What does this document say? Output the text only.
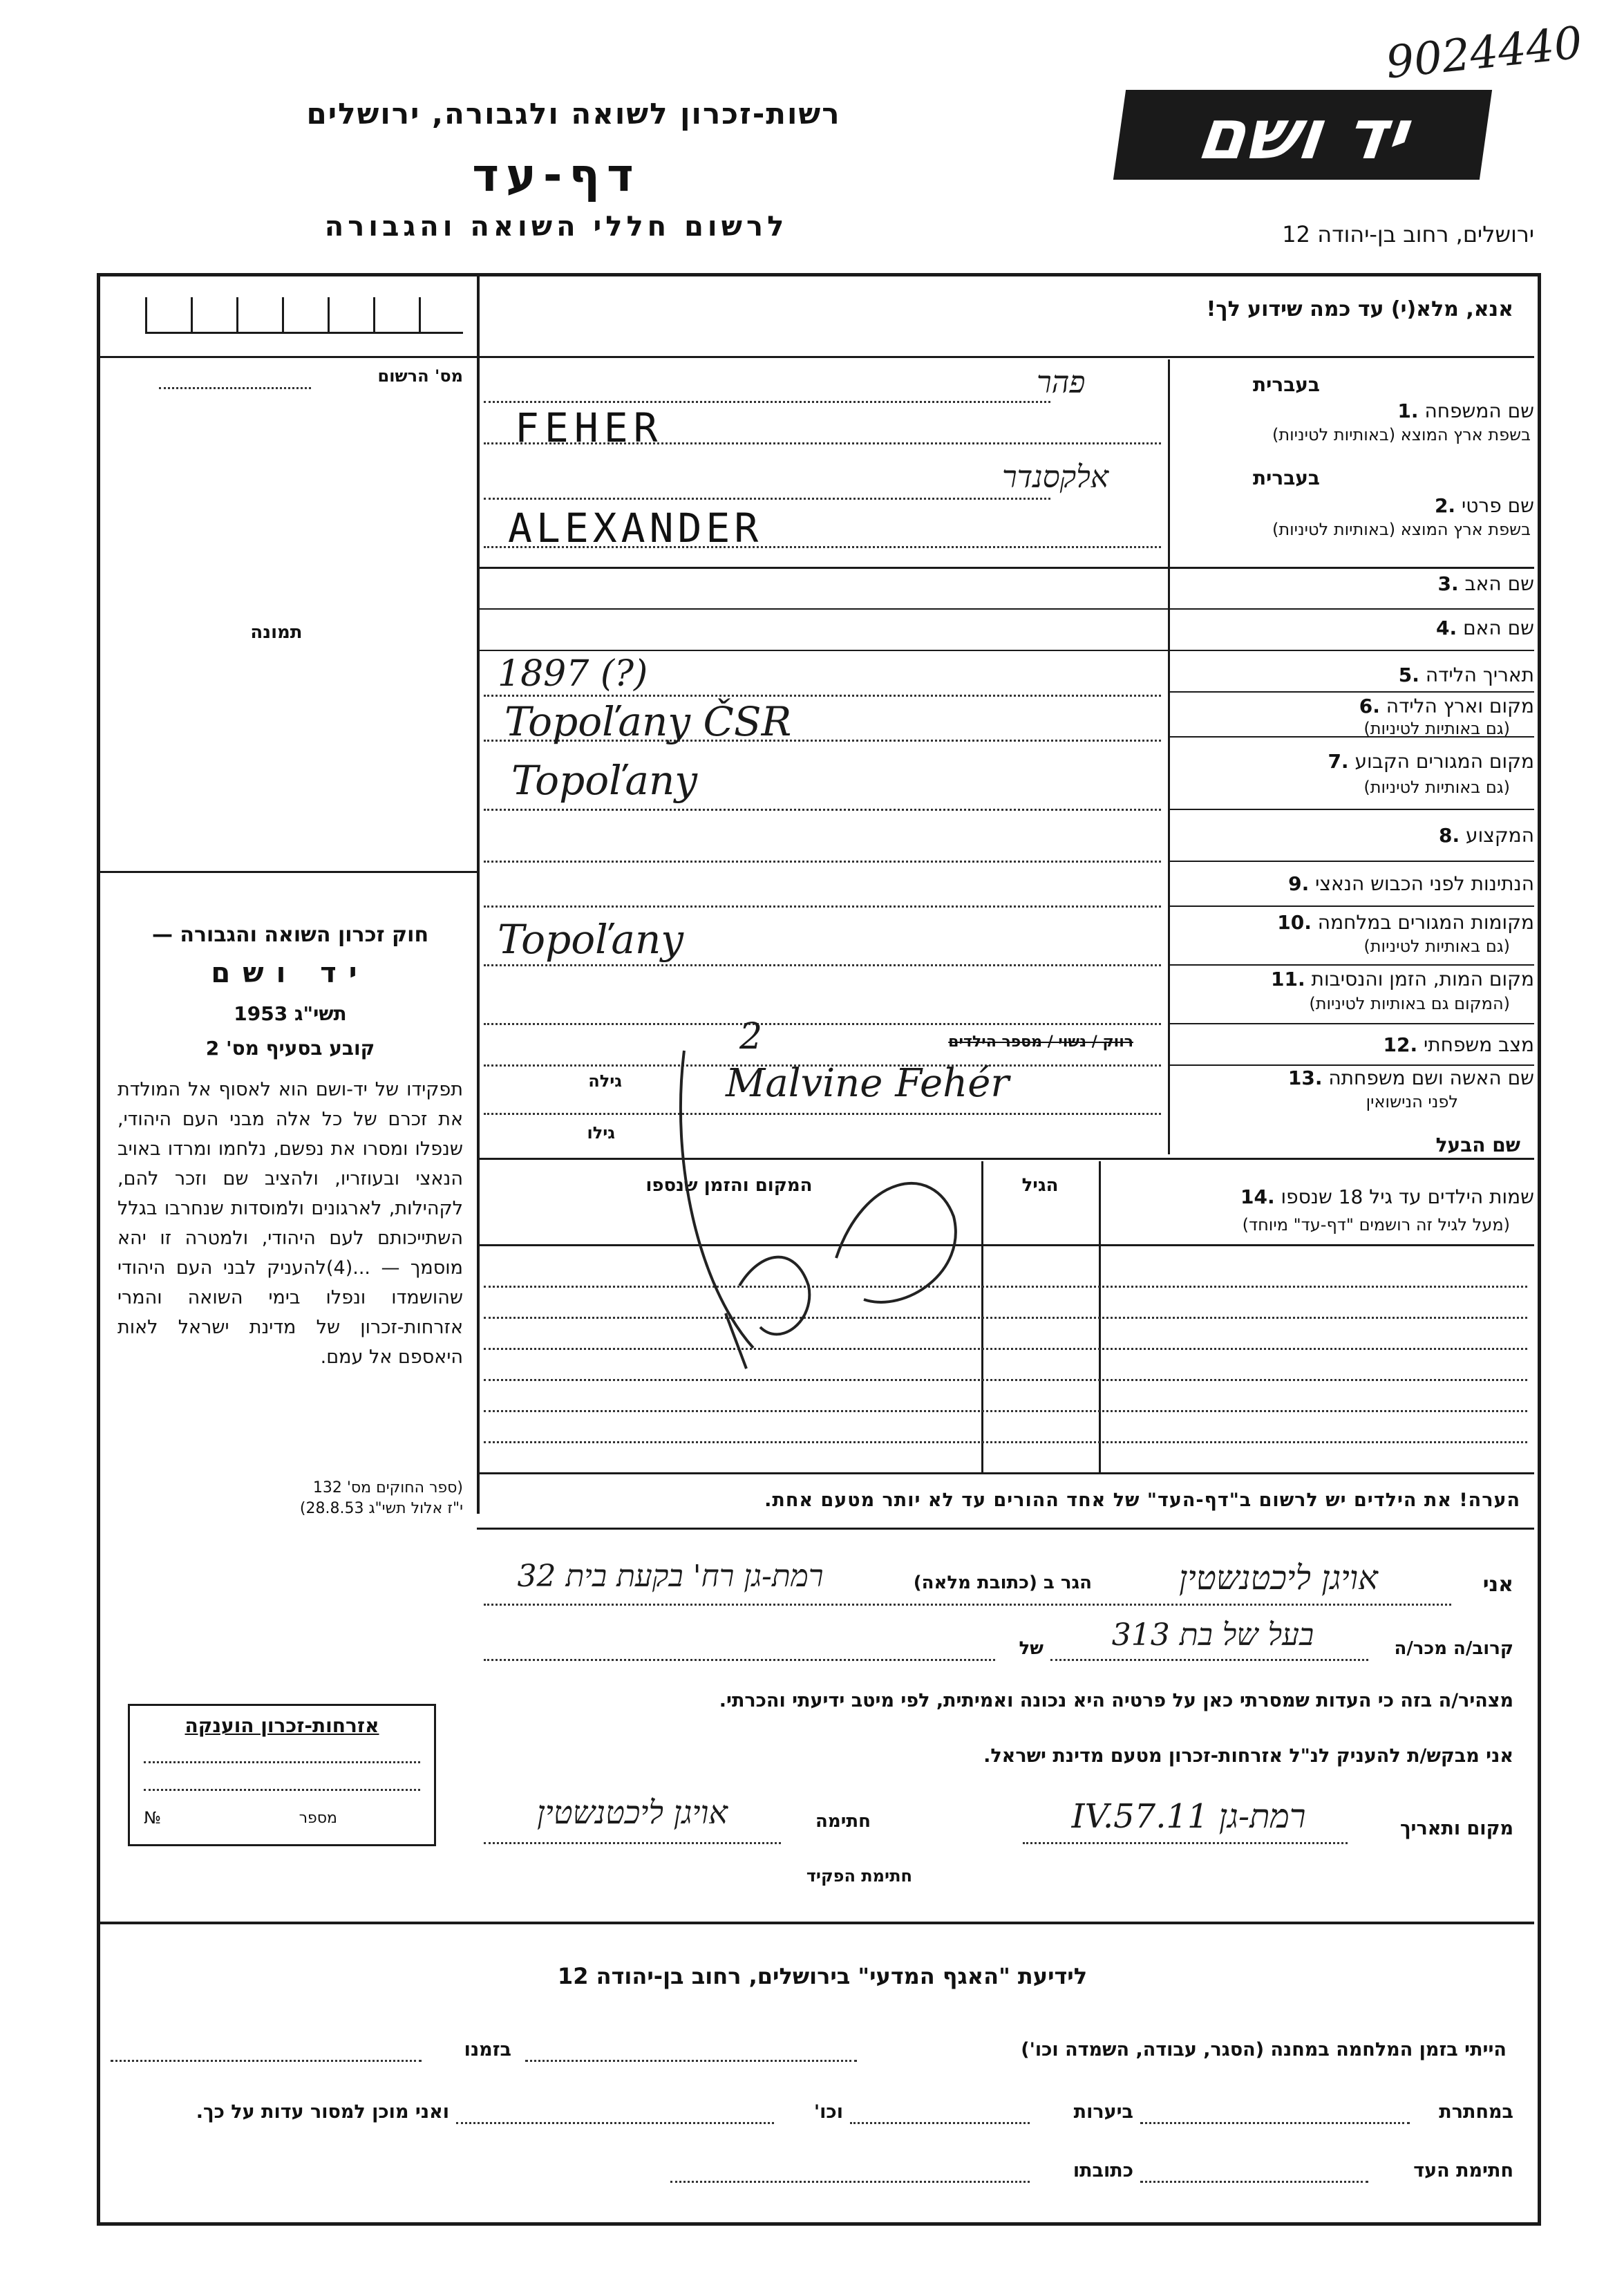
9024440
רשות-זכרון לשואה ולגבורה, ירושלים	יד ושם
דף-עד
לרשום חללי השואה והגבורה	ירושלים, רחוב בן-יהודה 12
אנא, מלא(י) עד כמה שידוע לך!
מס' הרשום
תמונה
חוק זכרון השואה והגבורה —
יד ושם
תשי"ג 1953
קובע בסעיף מס' 2
תפקידו של יד-ושם הוא לאסוף אל המולדת את זכרם של כל אלה מבני העם היהודי, שנפלו ומסרו את נפשם, נלחמו ומרדו באויב הנאצי ובעוזריו, ולהציב שם וזכר להם, לקהילות, לארגונים ולמוסדות שנחרבו בגלל השתייכותם לעם היהודי, ולמטרה זו יהא מוסמך — ...(4)להעניק לבני העם היהודי שהושמדו ונפלו בימי השואה והמרי אזרחות-זכרון של מדינת ישראל לאות היאספם אל עמם.
(ספר החוקים מס' 132
י"ז אלול תשי"ג 28.8.53)
בעברית
שם המשפחה .1
בשפת ארץ המוצא (באותיות לטיניות)
פהר
FEHER
בעברית
שם פרטי .2
בשפת ארץ המוצא (באותיות לטיניות)
אלקסנדר
ALEXANDER
שם האב .3
שם האם .4
תאריך הלידה .5
1897 (?)
מקום וארץ הלידה .6
(גם באותיות לטיניות)
Topoľany ČSR
מקום המגורים הקבוע .7
(גם באותיות לטיניות)
Topoľany
המקצוע .8
הנתינות לפני הכבוש הנאצי .9
מקומות המגורים במלחמה .10
(גם באותיות לטיניות)
Topoľany
מקום המות, הזמן והנסיבות .11
(המקום גם באותיות לטיניות)
מצב משפחתי .12
רווק / נשוי / מספר הילדים
2
שם האשה ושם משפחתה .13
לפני הנישואין
גילה	Malvine Fehér
שם הבעל
גילו
שמות הילדים עד גיל 18 שנספו .14
(מעל לגיל זה רושמים "דף-עד" מיוחד)
הגיל
המקום והזמן שנספו
הערה! את הילדים יש לרשום ב"דף-העד" של אחד ההורים עד לא יותר מטעם אחת.
אני
אויגן ליכטנשטין
הגר ב (כתובת מלאה)
רמת-גן רח' בקעת בית 32
קרוב/ה מכר/ה
בעל של בת 313
של
מצהיר/ה בזה כי העדות שמסרתי כאן על פרטיה היא נכונה ואמיתית, לפי מיטב ידיעתי והכרתי.
אני מבקש/ת להעניק לנ"ל אזרחות-זכרון מטעם מדינת ישראל.
מקום ותאריך
רמת-גן 11.IV.57
חתימה
אויגן ליכטנשטין
חתימת הפקיד
אזרחות-זכרון הוענקה
מספר
№
לידיעת "האגף המדעי" בירושלים, רחוב בן-יהודה 12
הייתי בזמן המלחמה במחנה (הסגר, עבודה, השמדה וכו')
בזמנו
במחתרת
ביערות
וכו'
ואני מוכן למסור עדות על כך.
חתימת העד
כתובתו
